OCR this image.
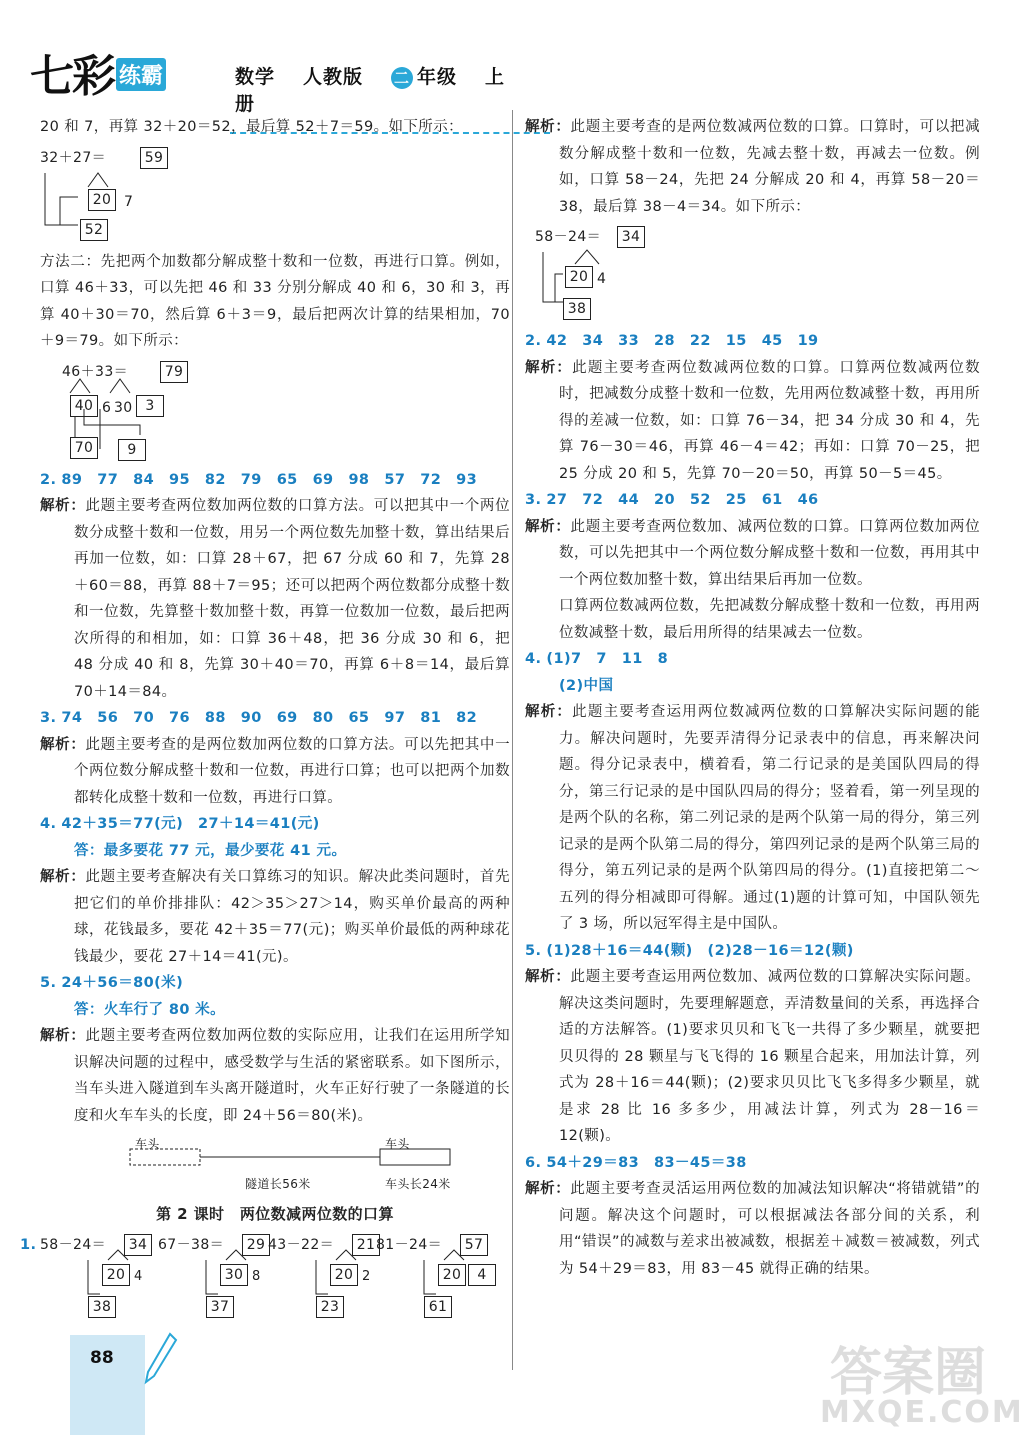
七彩 练霸	数学 人教版 二 年级 上册

20 和 7，再算 32＋20＝52，最后算 52＋7＝59。如下所示：

32＋27＝	59
20 7
52

方法二：先把两个加数都分解成整十数和一位数，再进行口算。例如，口算 46＋33，可以先把 46 和 33 分别分解成 40 和 6，30 和 3，再算 40＋30＝70，然后算 6＋3＝9，最后把两次计算的结果相加，70＋9＝79。如下所示：

46＋33＝	79
40 6 30 3
70	9

2. 89　77　84　95　82　79　65　69　98　57　72　93

解析：此题主要考查两位数加两位数的口算方法。可以把其中一个两位数分成整十数和一位数，用另一个两位数先加整十数，算出结果后再加一位数，如：口算 28＋67，把 67 分成 60 和 7，先算 28＋60＝88，再算 88＋7＝95；还可以把两个两位数都分成整十数和一位数，先算整十数加整十数，再算一位数加一位数，最后把两次所得的和相加，如：口算 36＋48，把 36 分成 30 和 6，把 48 分成 40 和 8，先算 30＋40＝70，再算 6＋8＝14，最后算 70＋14＝84。

3. 74　56　70　76　88　90　69　80　65　97　81　82

解析：此题主要考查的是两位数加两位数的口算方法。可以先把其中一个两位数分解成整十数和一位数，再进行口算；也可以把两个加数都转化成整十数和一位数，再进行口算。

4. 42＋35＝77(元)　27＋14＝41(元)

答：最多要花 77 元，最少要花 41 元。

解析：此题主要考查解决有关口算练习的知识。解决此类问题时，首先把它们的单价排排队：42＞35＞27＞14，购买单价最高的两种球，花钱最多，要花 42＋35＝77(元)；购买单价最低的两种球花钱最少，要花 27＋14＝41(元)。

5. 24＋56＝80(米)

答：火车行了 80 米。

解析：此题主要考查两位数加两位数的实际应用，让我们在运用所学知识解决问题的过程中，感受数学与生活的紧密联系。如下图所示，当车头进入隧道到车头离开隧道时，火车正好行驶了一条隧道的长度和火车车头的长度，即 24＋56＝80(米)。

车头	车头
隧道长56米	车头长24米
第 2 课时　两位数减两位数的口算
1. 58－24＝	34
20 4
38
67－38＝	29
30 8
37
43－22＝	21
20 2
23
81－24＝	57
20	4
61

解析：此题主要考查的是两位数减两位数的口算。口算时，可以把减数分解成整十数和一位数，先减去整十数，再减去一位数。例如，口算 58－24，先把 24 分解成 20 和 4，再算 58－20＝38，最后算 38－4＝34。如下所示：

58－24＝	34
20 4
38

2. 42　34　33　28　22　15　45　19

解析：此题主要考查两位数减两位数的口算。口算两位数减两位数时，把减数分成整十数和一位数，先用两位数减整十数，再用所得的差减一位数，如：口算 76－34，把 34 分成 30 和 4，先算 76－30＝46，再算 46－4＝42；再如：口算 70－25，把 25 分成 20 和 5，先算 70－20＝50，再算 50－5＝45。

3. 27　72　44　20　52　25　61　46

解析：此题主要考查两位数加、减两位数的口算。口算两位数加两位数，可以先把其中一个两位数分解成整十数和一位数，再用其中一个两位数加整十数，算出结果后再加一位数。

口算两位数减两位数，先把减数分解成整十数和一位数，再用两位数减整十数，最后用所得的结果减去一位数。

4. (1)7　7　11　8

(2)中国

解析：此题主要考查运用两位数减两位数的口算解决实际问题的能力。解决问题时，先要弄清得分记录表中的信息，再来解决问题。得分记录表中，横着看，第二行记录的是美国队四局的得分，第三行记录的是中国队四局的得分；竖着看，第一列呈现的是两个队的名称，第二列记录的是两个队第一局的得分，第三列记录的是两个队第二局的得分，第四列记录的是两个队第三局的得分，第五列记录的是两个队第四局的得分。(1)直接把第二～五列的得分相减即可得解。通过(1)题的计算可知，中国队领先了 3 场，所以冠军得主是中国队。

5. (1)28＋16＝44(颗)　(2)28－16＝12(颗)

解析：此题主要考查运用两位数加、减两位数的口算解决实际问题。解决这类问题时，先要理解题意，弄清数量间的关系，再选择合适的方法解答。(1)要求贝贝和飞飞一共得了多少颗星，就要把贝贝得的 28 颗星与飞飞得的 16 颗星合起来，用加法计算，列式为 28＋16＝44(颗)；(2)要求贝贝比飞飞多得多少颗星，就是求 28 比 16 多多少，用减法计算，列式为 28－16＝12(颗)。

6. 54＋29＝83　83－45＝38

解析：此题主要考查灵活运用两位数的加减法知识解决“将错就错”的问题。解决这个问题时，可以根据减法各部分间的关系，利用“错误”的减数与差求出被减数，根据差＋减数＝被减数，列式为 54＋29＝83，用 83－45 就得正确的结果。

88	答案圈
MXQE.COM
